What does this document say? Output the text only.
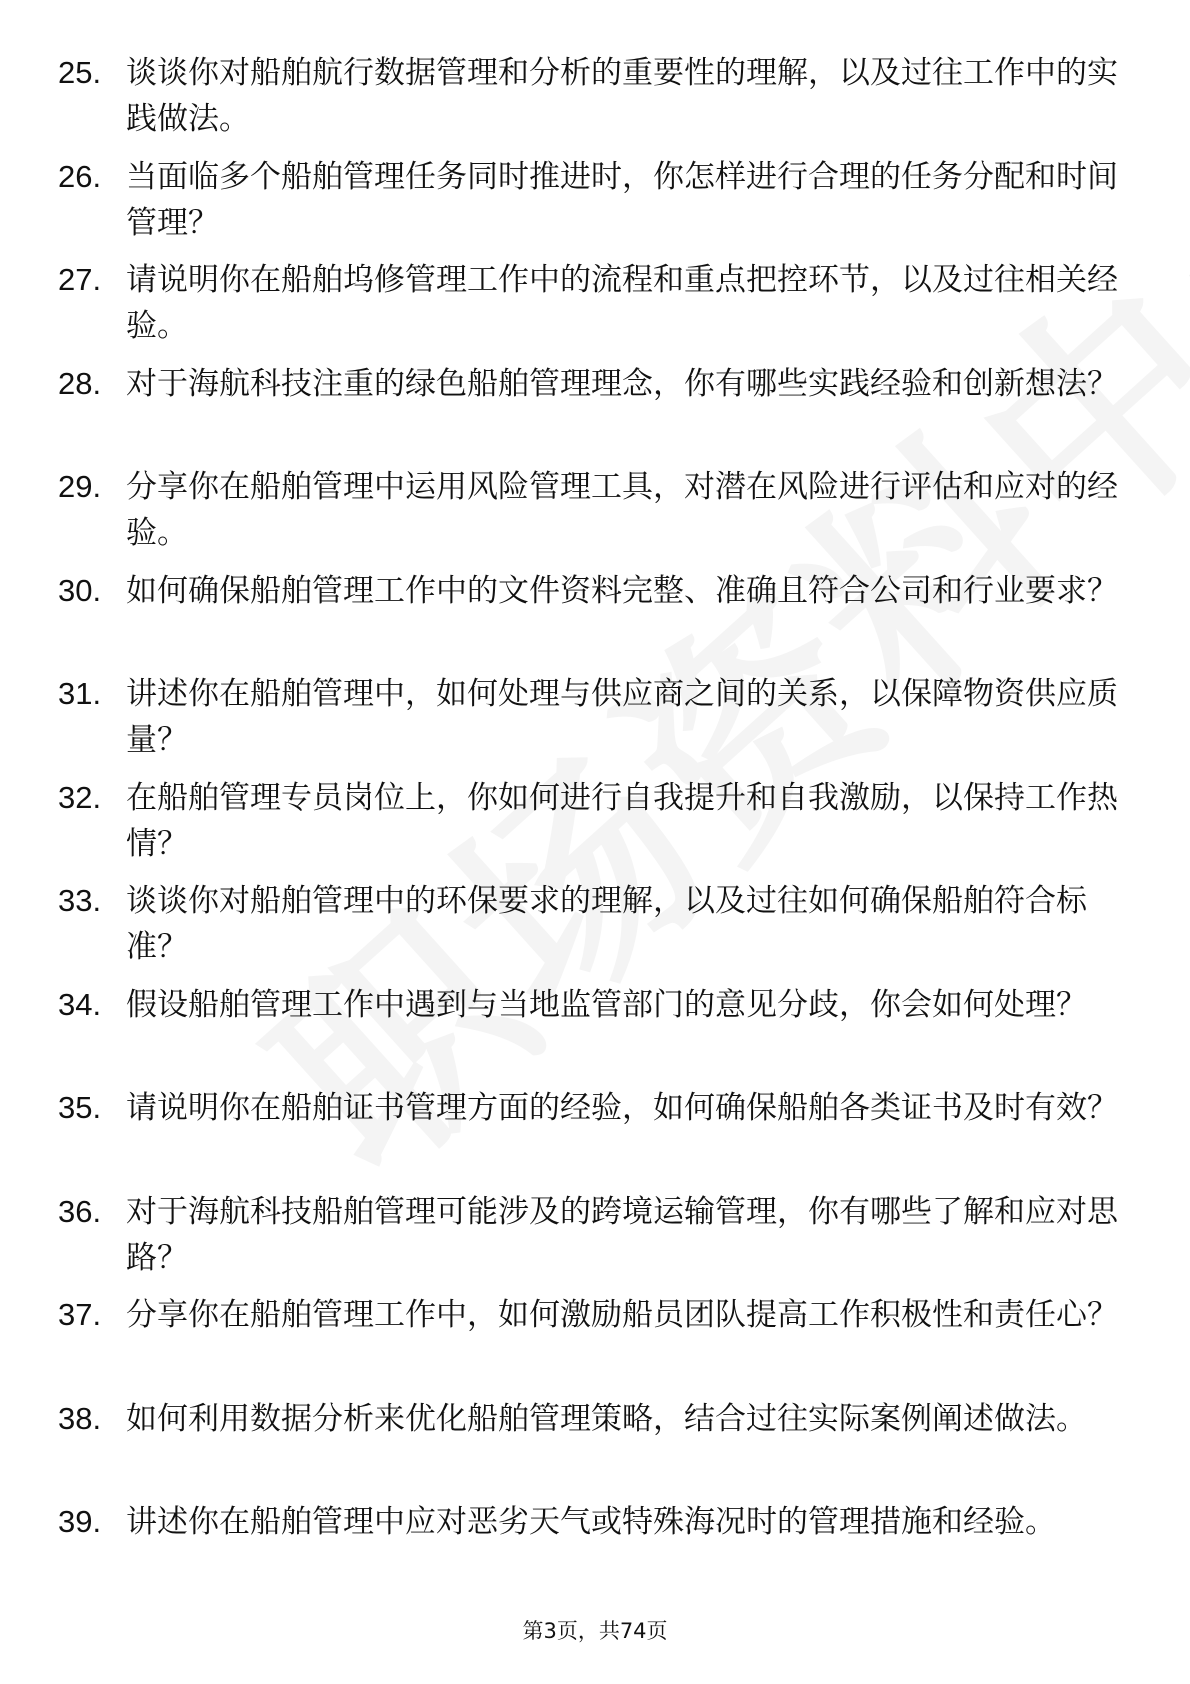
25. 谈谈你对船舶航行数据管理和分析的重要性的理解，以及过往工作中的实践做法。
26. 当面临多个船舶管理任务同时推进时，你怎样进行合理的任务分配和时间管理？
27. 请说明你在船舶坞修管理工作中的流程和重点把控环节，以及过往相关经验。
28. 对于海航科技注重的绿色船舶管理理念，你有哪些实践经验和创新想法？
29. 分享你在船舶管理中运用风险管理工具，对潜在风险进行评估和应对的经验。
30. 如何确保船舶管理工作中的文件资料完整、准确且符合公司和行业要求？
31. 讲述你在船舶管理中，如何处理与供应商之间的关系，以保障物资供应质量？
32. 在船舶管理专员岗位上，你如何进行自我提升和自我激励，以保持工作热情？
33. 谈谈你对船舶管理中的环保要求的理解，以及过往如何确保船舶符合标准？
34. 假设船舶管理工作中遇到与当地监管部门的意见分歧，你会如何处理？
35. 请说明你在船舶证书管理方面的经验，如何确保船舶各类证书及时有效？
36. 对于海航科技船舶管理可能涉及的跨境运输管理，你有哪些了解和应对思路？
37. 分享你在船舶管理工作中，如何激励船员团队提高工作积极性和责任心？
38. 如何利用数据分析来优化船舶管理策略，结合过往实际案例阐述做法。
39. 讲述你在船舶管理中应对恶劣天气或特殊海况时的管理措施和经验。
第3页，共74页
